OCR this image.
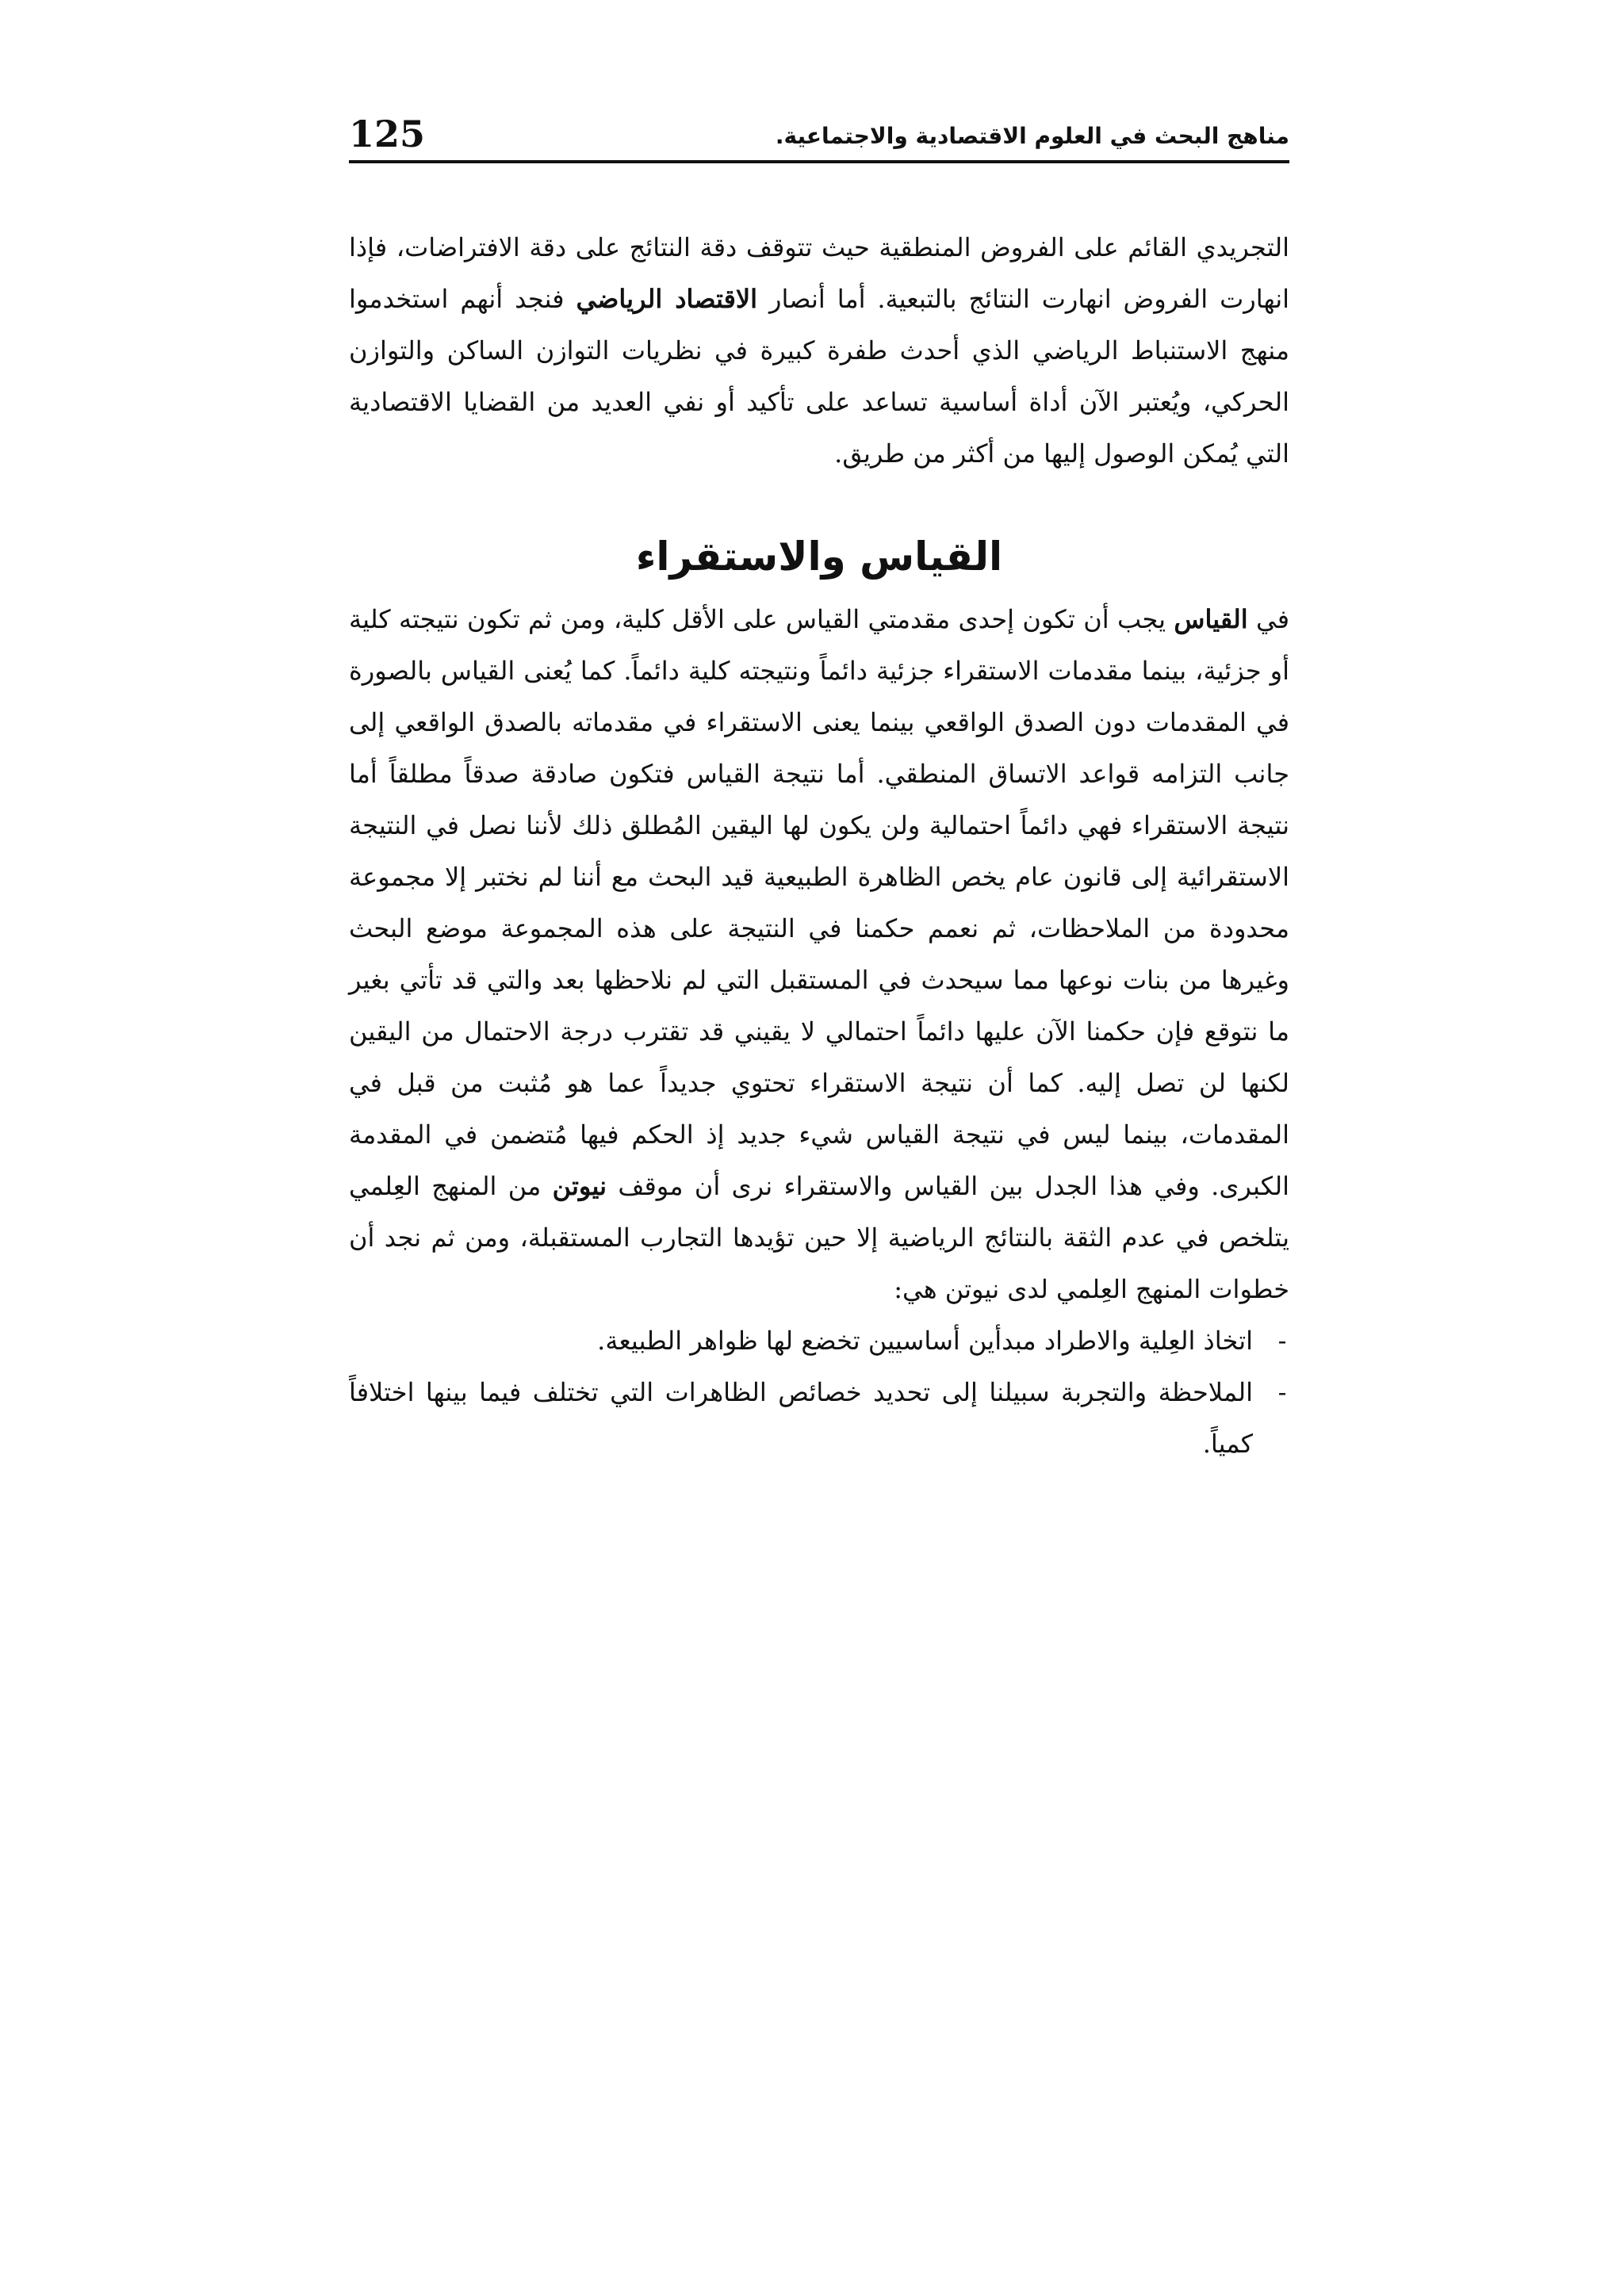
مناهج البحث في العلوم الاقتصادية والاجتماعية.
125

التجريدي القائم على الفروض المنطقية حيث تتوقف دقة النتائج على دقة الافتراضات، فإذا انهارت الفروض انهارت النتائج بالتبعية. أما أنصار الاقتصاد الرياضي فنجد أنهم استخدموا منهج الاستنباط الرياضي الذي أحدث طفرة كبيرة في نظريات التوازن الساكن والتوازن الحركي، ويُعتبر الآن أداة أساسية تساعد على تأكيد أو نفي العديد من القضايا الاقتصادية التي يُمكن الوصول إليها من أكثر من طريق.

القياس والاستقراء

في القياس يجب أن تكون إحدى مقدمتي القياس على الأقل كلية، ومن ثم تكون نتيجته كلية أو جزئية، بينما مقدمات الاستقراء جزئية دائماً ونتيجته كلية دائماً. كما يُعنى القياس بالصورة في المقدمات دون الصدق الواقعي بينما يعنى الاستقراء في مقدماته بالصدق الواقعي إلى جانب التزامه قواعد الاتساق المنطقي. أما نتيجة القياس فتكون صادقة صدقاً مطلقاً أما نتيجة الاستقراء فهي دائماً احتمالية ولن يكون لها اليقين المُطلق ذلك لأننا نصل في النتيجة الاستقرائية إلى قانون عام يخص الظاهرة الطبيعية قيد البحث مع أننا لم نختبر إلا مجموعة محدودة من الملاحظات، ثم نعمم حكمنا في النتيجة على هذه المجموعة موضع البحث وغيرها من بنات نوعها مما سيحدث في المستقبل التي لم نلاحظها بعد والتي قد تأتي بغير ما نتوقع فإن حكمنا الآن عليها دائماً احتمالي لا يقيني قد تقترب درجة الاحتمال من اليقين لكنها لن تصل إليه. كما أن نتيجة الاستقراء تحتوي جديداً عما هو مُثبت من قبل في المقدمات، بينما ليس في نتيجة القياس شيء جديد إذ الحكم فيها مُتضمن في المقدمة الكبرى. وفي هذا الجدل بين القياس والاستقراء نرى أن موقف نيوتن من المنهج العِلمي يتلخص في عدم الثقة بالنتائج الرياضية إلا حين تؤيدها التجارب المستقبلة، ومن ثم نجد أن خطوات المنهج العِلمي لدى نيوتن هي:

-
اتخاذ العِلية والاطراد مبدأين أساسيين تخضع لها ظواهر الطبيعة.
-
الملاحظة والتجربة سبيلنا إلى تحديد خصائص الظاهرات التي تختلف فيما بينها اختلافاً كمياً.
